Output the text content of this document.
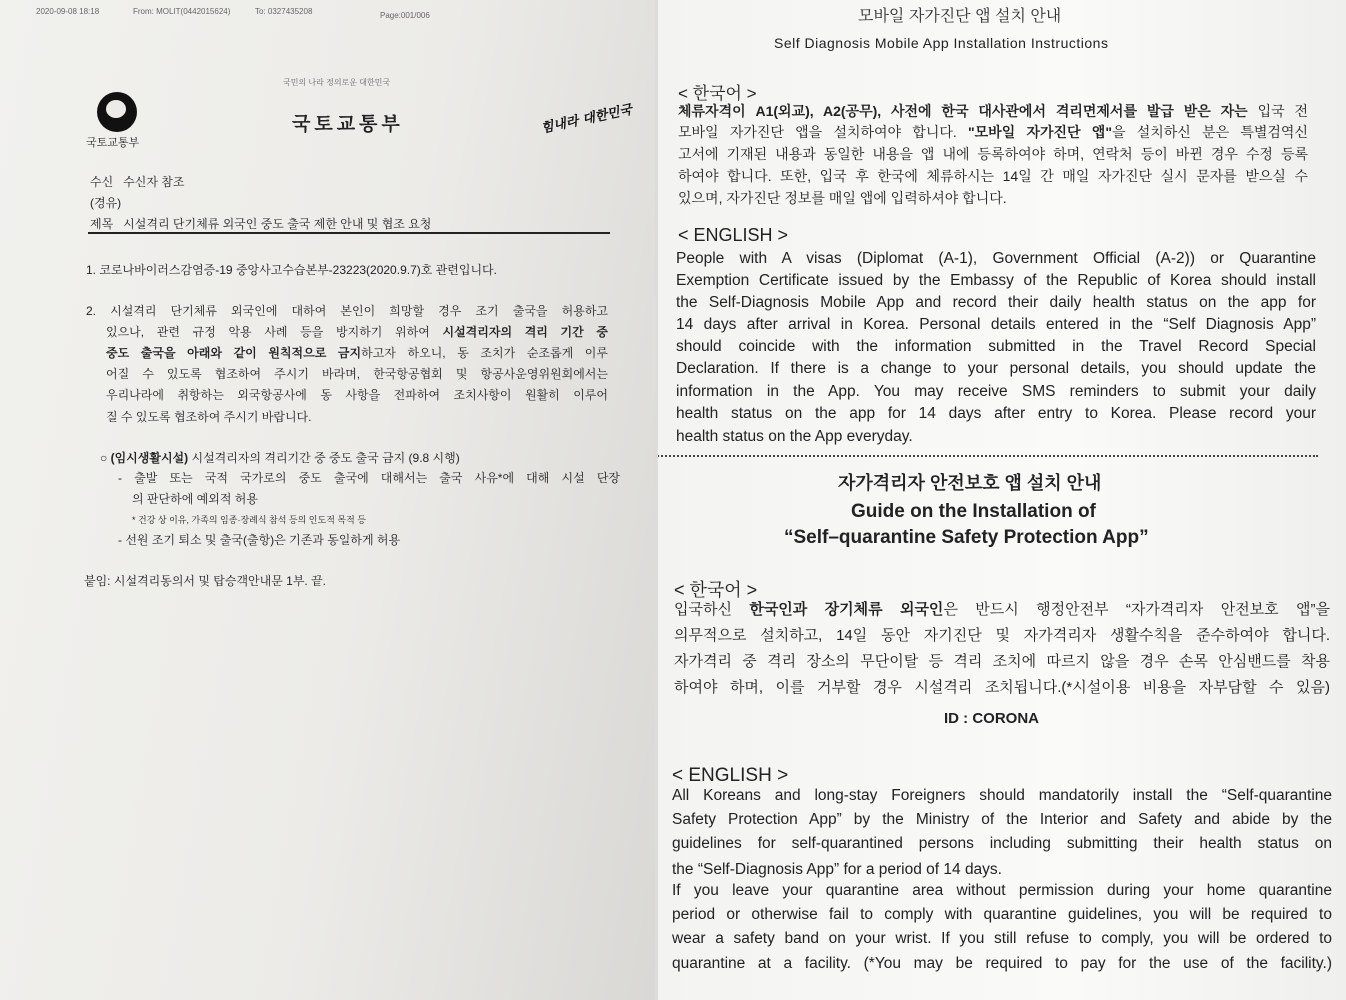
2020-09-08 18:18	From: MOLIT(0442015624)	To: 0327435208	Page:001/006
국민의 나라 정의로운 대한민국
국토교통부
국토교통부	힘내라 대한민국
수신   수신자 참조
(경유)
제목   시설격리 단기체류 외국인 중도 출국 제한 안내 및 협조 요청
1. 코로나바이러스감염증-19 중앙사고수습본부-23223(2020.9.7)호 관련입니다.
2. 시설격리 단기체류 외국인에 대하여 본인이 희망할 경우 조기 출국을 허용하고
있으나, 관련 규정 악용 사례 등을 방지하기 위하여 시설격리자의 격리 기간 중
중도 출국을 아래와 같이 원칙적으로 금지하고자 하오니, 동 조치가 순조롭게 이루
어질 수 있도록 협조하여 주시기 바라며, 한국항공협회 및 항공사운영위원회에서는
우리나라에 취항하는 외국항공사에 동 사항을 전파하여 조치사항이 원활히 이루어
질 수 있도록 협조하여 주시기 바랍니다.
○ (임시생활시설) 시설격리자의 격리기간 중 중도 출국 금지 (9.8 시행)
- 출발 또는 국적 국가로의 중도 출국에 대해서는 출국 사유*에 대해 시설 단장
의 판단하에 예외적 허용
* 건강 상 이유, 가족의 임종·장례식 참석 등의 인도적 목적 등
- 선원 조기 퇴소 및 출국(출항)은 기존과 동일하게 허용
붙임: 시설격리동의서 및 탑승객안내문 1부. 끝.
모바일 자가진단 앱 설치 안내
Self Diagnosis Mobile App Installation Instructions
< 한국어 >
< ENGLISH >
자가격리자 안전보호 앱 설치 안내
Guide on the Installation of
“Self–quarantine Safety Protection App”
< 한국어 >
ID : CORONA
< ENGLISH >
체류자격이 A1(외교), A2(공무), 사전에 한국 대사관에서 격리면제서를 발급 받은 자는 입국 전
모바일 자가진단 앱을 설치하여야 합니다. "모바일 자가진단 앱"을 설치하신 분은 특별검역신
고서에 기재된 내용과 동일한 내용을 앱 내에 등록하여야 하며, 연락처 등이 바뀐 경우 수정 등록
하여야 합니다. 또한, 입국 후 한국에 체류하시는 14일 간 매일 자가진단 실시 문자를 받으실 수
있으며, 자가진단 정보를 매일 앱에 입력하셔야 합니다.
People with A visas (Diplomat (A-1), Government Official (A-2)) or Quarantine
Exemption Certificate issued by the Embassy of the Republic of Korea should install
the Self-Diagnosis Mobile App and record their daily health status on the app for
14 days after arrival in Korea. Personal details entered in the “Self Diagnosis App”
should coincide with the information submitted in the Travel Record Special
Declaration. If there is a change to your personal details, you should update the
information in the App. You may receive SMS reminders to submit your daily
health status on the app for 14 days after entry to Korea. Please record your
health status on the App everyday.
입국하신 한국인과 장기체류 외국인은 반드시 행정안전부 “자가격리자 안전보호 앱”을
의무적으로 설치하고, 14일 동안 자기진단 및 자가격리자 생활수칙을 준수하여야 합니다.
자가격리 중 격리 장소의 무단이탈 등 격리 조치에 따르지 않을 경우 손목 안심밴드를 착용
하여야 하며, 이를 거부할 경우 시설격리 조치됩니다.(*시설이용 비용을 자부담할 수 있음)
All Koreans and long-stay Foreigners should mandatorily install the “Self-quarantine
Safety Protection App” by the Ministry of the Interior and Safety and abide by the
guidelines for self-quarantined persons including submitting their health status on
the “Self-Diagnosis App” for a period of 14 days.
If you leave your quarantine area without permission during your home quarantine
period or otherwise fail to comply with quarantine guidelines, you will be required to
wear a safety band on your wrist. If you still refuse to comply, you will be ordered to
quarantine at a facility. (*You may be required to pay for the use of the facility.)
